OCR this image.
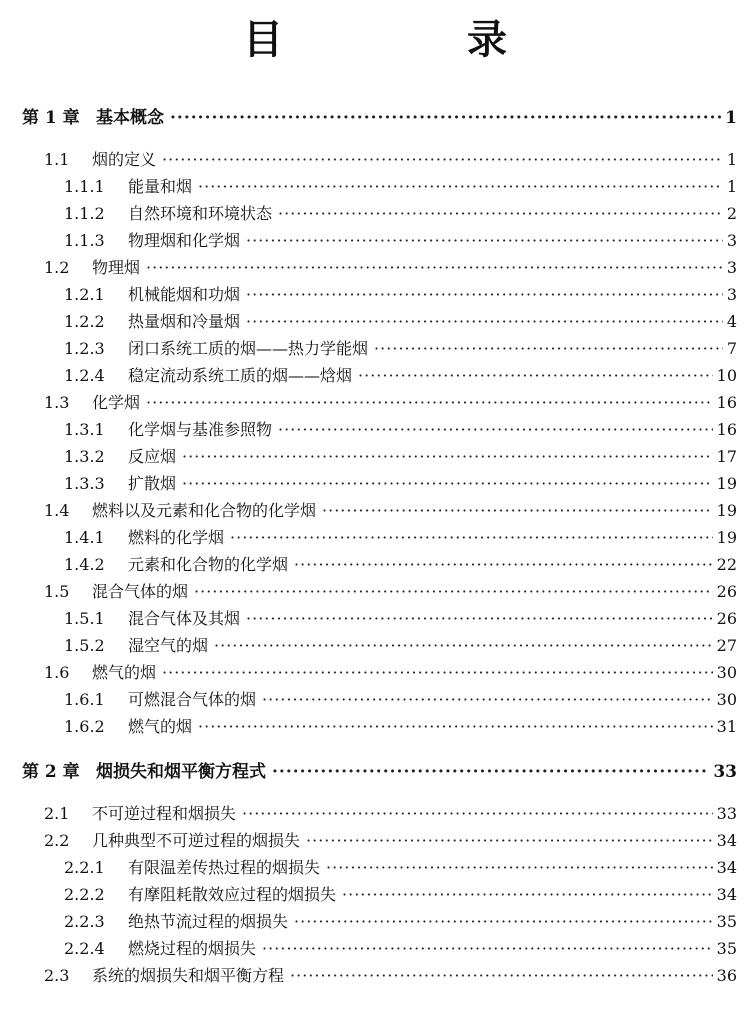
目　录
第 1 章 基本概念 ·····	1
1.1	烟的定义 ·····	1
1.1.1	能量和烟 ·····	1
1.1.2	自然环境和环境状态 ·····	2
1.1.3	物理烟和化学烟 ·····	3
1.2	物理烟 ·····	3
1.2.1	机械能烟和功烟 ·····	3
1.2.2	热量烟和冷量烟 ·····	4
1.2.3	闭口系统工质的烟——热力学能烟 ·····	7
1.2.4	稳定流动系统工质的烟——焓烟 ·····	10
1.3	化学烟 ·····	16
1.3.1	化学烟与基准参照物 ·····	16
1.3.2	反应烟 ·····	17
1.3.3	扩散烟 ·····	19
1.4	燃料以及元素和化合物的化学烟 ·····	19
1.4.1	燃料的化学烟 ·····	19
1.4.2	元素和化合物的化学烟 ·····	22
1.5	混合气体的烟 ·····	26
1.5.1	混合气体及其烟 ·····	26
1.5.2	湿空气的烟 ·····	27
1.6	燃气的烟 ·····	30
1.6.1	可燃混合气体的烟 ·····	30
1.6.2	燃气的烟 ·····	31
第 2 章 烟损失和烟平衡方程式 ·····	33
2.1	不可逆过程和烟损失 ·····	33
2.2	几种典型不可逆过程的烟损失 ·····	34
2.2.1	有限温差传热过程的烟损失 ·····	34
2.2.2	有摩阻耗散效应过程的烟损失 ·····	34
2.2.3	绝热节流过程的烟损失 ·····	35
2.2.4	燃烧过程的烟损失 ·····	35
2.3	系统的烟损失和烟平衡方程 ·····	36
